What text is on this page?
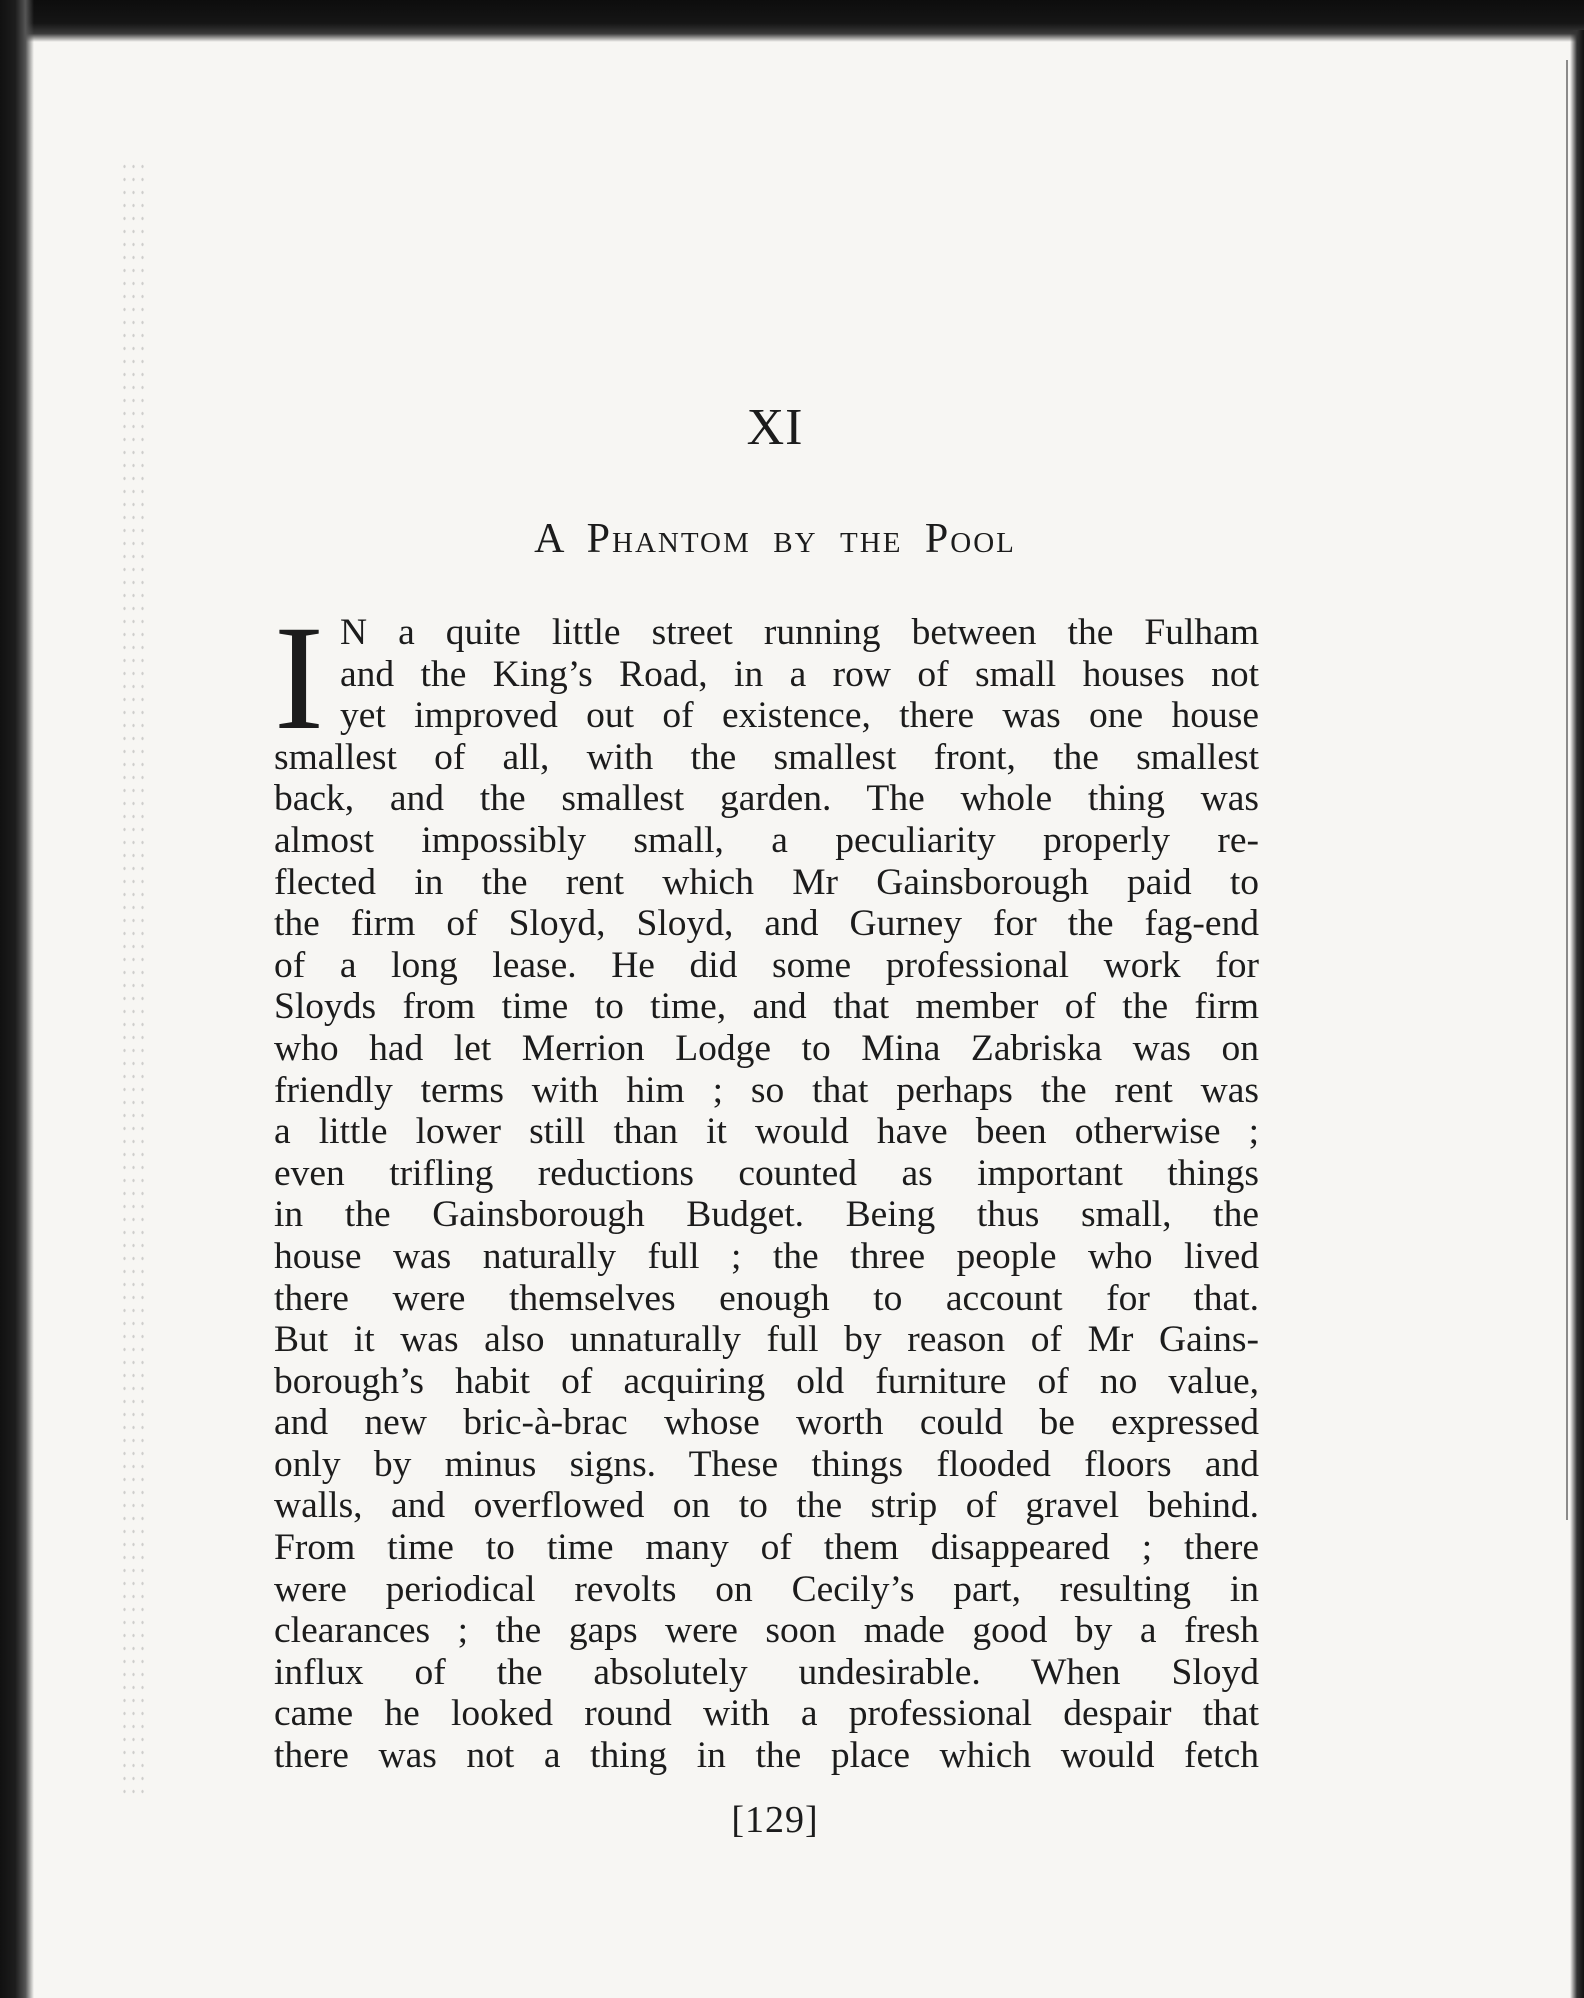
XI
A Phantom by the Pool
I N a quite little street running between the Fulham
and the King’s Road, in a row of small houses not
yet improved out of existence, there was one house
smallest of all, with the smallest front, the smallest
back, and the smallest garden. The whole thing was
almost impossibly small, a peculiarity properly re-
flected in the rent which Mr Gainsborough paid to
the firm of Sloyd, Sloyd, and Gurney for the fag-end
of a long lease. He did some professional work for
Sloyds from time to time, and that member of the firm
who had let Merrion Lodge to Mina Zabriska was on
friendly terms with him ; so that perhaps the rent was
a little lower still than it would have been otherwise ;
even trifling reductions counted as important things
in the Gainsborough Budget. Being thus small, the
house was naturally full ; the three people who lived
there were themselves enough to account for that.
But it was also unnaturally full by reason of Mr Gains-
borough’s habit of acquiring old furniture of no value,
and new bric-à-brac whose worth could be expressed
only by minus signs. These things flooded floors and
walls, and overflowed on to the strip of gravel behind.
From time to time many of them disappeared ; there
were periodical revolts on Cecily’s part, resulting in
clearances ; the gaps were soon made good by a fresh
influx of the absolutely undesirable. When Sloyd
came he looked round with a professional despair that
there was not a thing in the place which would fetch
[129]
